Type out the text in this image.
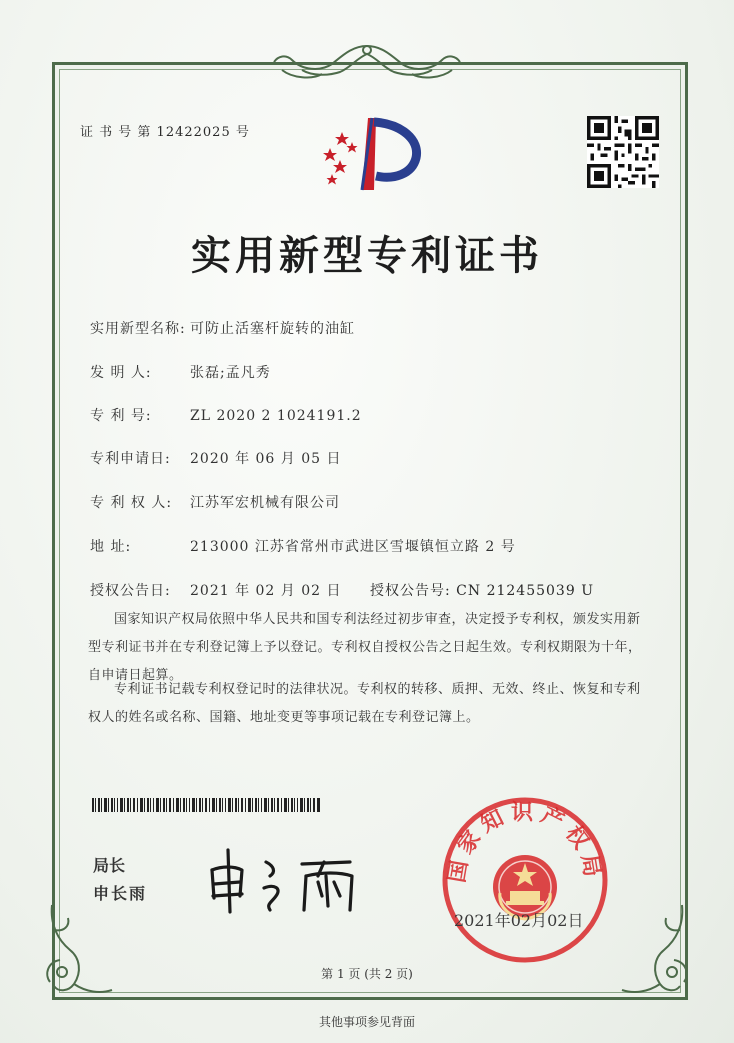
证 书 号 第 12422025 号
实用新型专利证书
实用新型名称: 可防止活塞杆旋转的油缸
发 明 人:	张磊;孟凡秀
专 利 号:	ZL 2020 2 1024191.2
专利申请日: 2020 年 06 月 05 日
专 利 权 人: 江苏军宏机械有限公司
地 址:	213000 江苏省常州市武进区雪堰镇恒立路 2 号
授权公告日: 2021 年 02 月 02 日 授权公告号: CN 212455039 U
国家知识产权局依照中华人民共和国专利法经过初步审查，决定授予专利权，颁发实用新型专利证书并在专利登记簿上予以登记。专利权自授权公告之日起生效。专利权期限为十年，自申请日起算。
专利证书记载专利权登记时的法律状况。专利权的转移、质押、无效、终止、恢复和专利权人的姓名或名称、国籍、地址变更等事项记载在专利登记簿上。
局长
申长雨
国家知识产权局
2021年02月02日
第 1 页 (共 2 页)
其他事项参见背面
